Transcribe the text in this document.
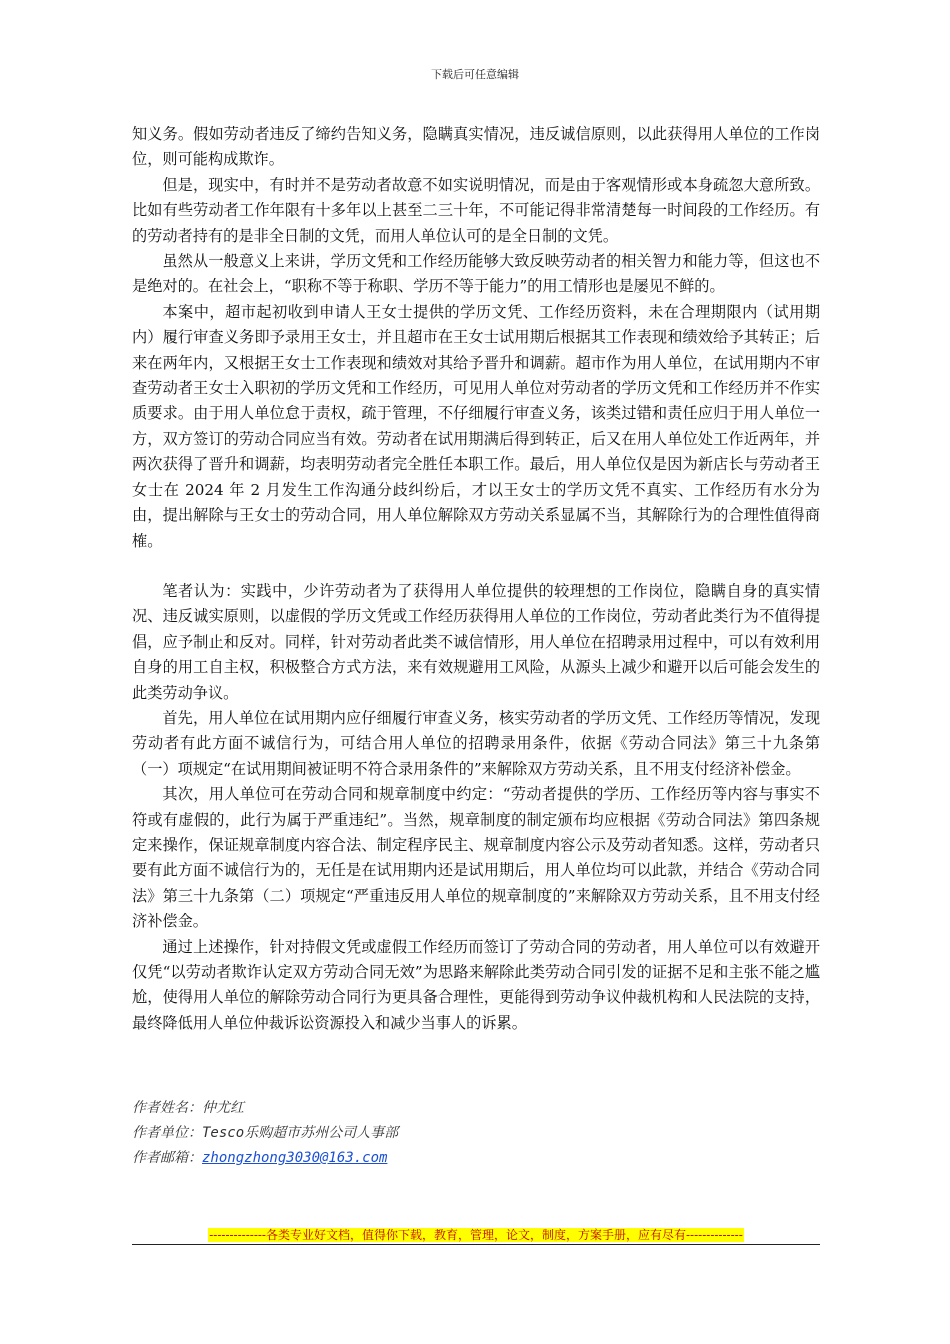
下载后可任意编辑

知义务。假如劳动者违反了缔约告知义务，隐瞒真实情况，违反诚信原则，以此获得用人单位的工作岗位，则可能构成欺诈。

但是，现实中，有时并不是劳动者故意不如实说明情况，而是由于客观情形或本身疏忽大意所致。比如有些劳动者工作年限有十多年以上甚至二三十年，不可能记得非常清楚每一时间段的工作经历。有的劳动者持有的是非全日制的文凭，而用人单位认可的是全日制的文凭。

虽然从一般意义上来讲，学历文凭和工作经历能够大致反映劳动者的相关智力和能力等，但这也不是绝对的。在社会上，“职称不等于称职、学历不等于能力”的用工情形也是屡见不鲜的。

本案中，超市起初收到申请人王女士提供的学历文凭、工作经历资料，未在合理期限内（试用期内）履行审查义务即予录用王女士，并且超市在王女士试用期后根据其工作表现和绩效给予其转正；后来在两年内，又根据王女士工作表现和绩效对其给予晋升和调薪。超市作为用人单位，在试用期内不审查劳动者王女士入职初的学历文凭和工作经历，可见用人单位对劳动者的学历文凭和工作经历并不作实质要求。由于用人单位怠于责权，疏于管理，不仔细履行审查义务，该类过错和责任应归于用人单位一方，双方签订的劳动合同应当有效。劳动者在试用期满后得到转正，后又在用人单位处工作近两年，并两次获得了晋升和调薪，均表明劳动者完全胜任本职工作。最后，用人单位仅是因为新店长与劳动者王女士在 2024 年 2 月发生工作沟通分歧纠纷后，才以王女士的学历文凭不真实、工作经历有水分为由，提出解除与王女士的劳动合同，用人单位解除双方劳动关系显属不当，其解除行为的合理性值得商榷。

笔者认为：实践中，少许劳动者为了获得用人单位提供的较理想的工作岗位，隐瞒自身的真实情况、违反诚实原则，以虚假的学历文凭或工作经历获得用人单位的工作岗位，劳动者此类行为不值得提倡，应予制止和反对。同样，针对劳动者此类不诚信情形，用人单位在招聘录用过程中，可以有效利用自身的用工自主权，积极整合方式方法，来有效规避用工风险，从源头上减少和避开以后可能会发生的此类劳动争议。

首先，用人单位在试用期内应仔细履行审查义务，核实劳动者的学历文凭、工作经历等情况，发现劳动者有此方面不诚信行为，可结合用人单位的招聘录用条件，依据《劳动合同法》第三十九条第（一）项规定“在试用期间被证明不符合录用条件的”来解除双方劳动关系，且不用支付经济补偿金。

其次，用人单位可在劳动合同和规章制度中约定：“劳动者提供的学历、工作经历等内容与事实不符或有虚假的，此行为属于严重违纪”。当然，规章制度的制定颁布均应根据《劳动合同法》第四条规定来操作，保证规章制度内容合法、制定程序民主、规章制度内容公示及劳动者知悉。这样，劳动者只要有此方面不诚信行为的，无任是在试用期内还是试用期后，用人单位均可以此款，并结合《劳动合同法》第三十九条第（二）项规定“严重违反用人单位的规章制度的”来解除双方劳动关系，且不用支付经济补偿金。

通过上述操作，针对持假文凭或虚假工作经历而签订了劳动合同的劳动者，用人单位可以有效避开仅凭“以劳动者欺诈认定双方劳动合同无效”为思路来解除此类劳动合同引发的证据不足和主张不能之尴尬，使得用人单位的解除劳动合同行为更具备合理性，更能得到劳动争议仲裁机构和人民法院的支持，最终降低用人单位仲裁诉讼资源投入和减少当事人的诉累。

作者姓名：仲尤红
作者单位：Tesco乐购超市苏州公司人事部
作者邮箱：zhongzhong3030@163.com
--------------各类专业好文档，值得你下载，教育，管理，论文，制度，方案手册，应有尽有--------------
